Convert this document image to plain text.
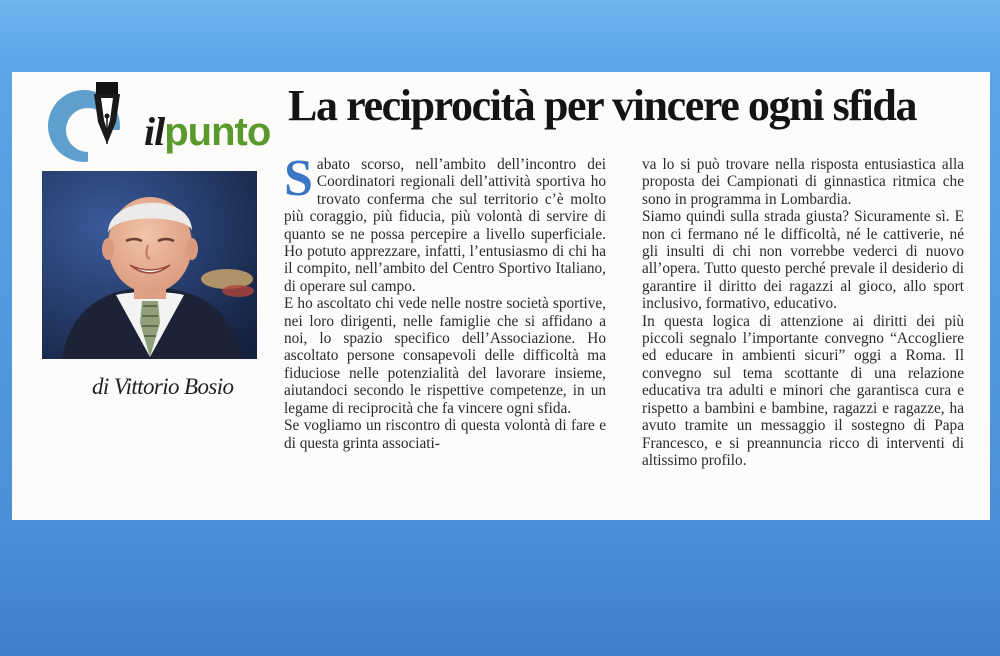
ilpunto
La reciprocità per vincere ogni sfida
di Vittorio Bosio

Sabato scorso, nell’ambito dell’incontro dei Coordinatori regionali dell’attività sportiva ho trovato conferma che sul territorio c’è molto più coraggio, più fiducia, più volontà di servire di quanto se ne possa percepire a livello superficiale. Ho potuto apprezzare, infatti, l’entusiasmo di chi ha il compito, nell’ambito del Centro Sportivo Italiano, di operare sul campo.

E ho ascoltato chi vede nelle nostre società sportive, nei loro dirigenti, nelle famiglie che si affidano a noi, lo spazio specifico dell’Associazione. Ho ascoltato persone consapevoli delle difficoltà ma fiduciose nelle potenzialità del lavorare insieme, aiutandoci secondo le rispettive competenze, in un legame di reciprocità che fa vincere ogni sfida.

Se vogliamo un riscontro di questa volontà di fare e di questa grinta associati-

va lo si può trovare nella risposta entusiastica alla proposta dei Campionati di ginnastica ritmica che sono in programma in Lombardia.

Siamo quindi sulla strada giusta? Sicuramente sì. E non ci fermano né le difficoltà, né le cattiverie, né gli insulti di chi non vorrebbe vederci di nuovo all’opera. Tutto questo perché prevale il desiderio di garantire il diritto dei ragazzi al gioco, allo sport inclusivo, formativo, educativo.

In questa logica di attenzione ai diritti dei più piccoli segnalo l’importante convegno “Accogliere ed educare in ambienti sicuri” oggi a Roma. Il convegno sul tema scottante di una relazione educativa tra adulti e minori che garantisca cura e rispetto a bambini e bambine, ragazzi e ragazze, ha avuto tramite un messaggio il sostegno di Papa Francesco, e si preannuncia ricco di interventi di altissimo profilo.
